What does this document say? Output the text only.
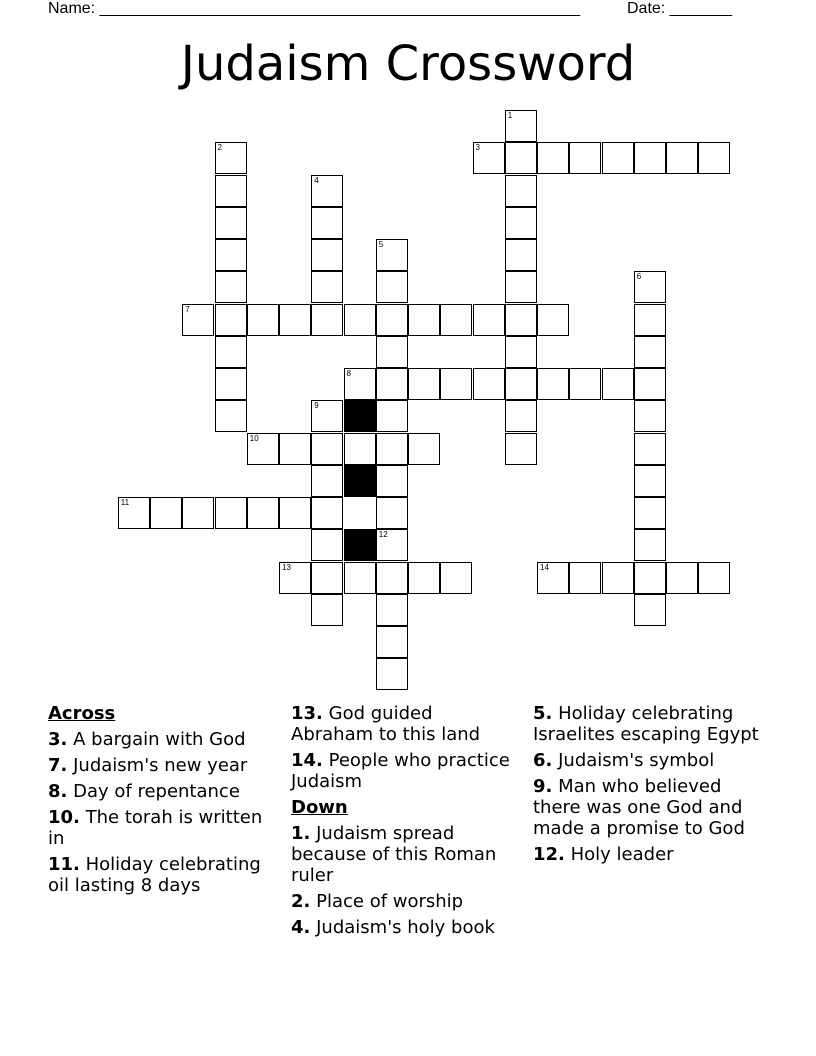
Name: ______________________________________________________	Date: _______
Judaism Crossword
1
2	3
4
5
12
6
7
8
9
10
11
13	14
Across
3. A bargain with God
7. Judaism's new year
8. Day of repentance
10. The torah is written in
11. Holiday celebrating oil lasting 8 days
13. God guided Abraham to this land
14. People who practice Judaism
Down
1. Judaism spread because of this Roman ruler
2. Place of worship
4. Judaism's holy book
5. Holiday celebrating Israelites escaping Egypt
6. Judaism's symbol
9. Man who believed there was one God and made a promise to God
12. Holy leader
